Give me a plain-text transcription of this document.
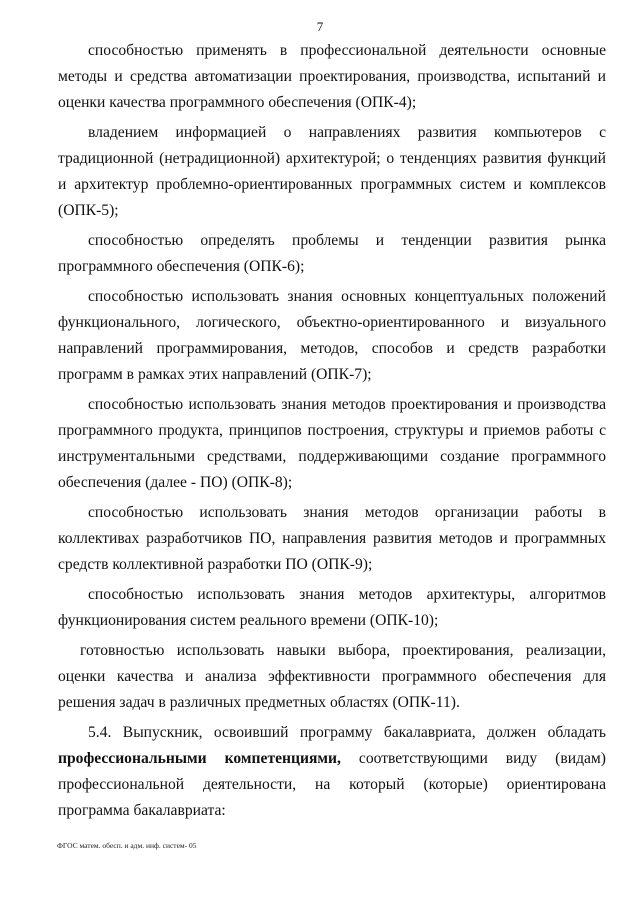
7

способностью применять в профессиональной деятельности основные методы и средства автоматизации проектирования, производства, испытаний и оценки качества программного обеспечения (ОПК-4);

владением информацией о направлениях развития компьютеров с традиционной (нетрадиционной) архитектурой; о тенденциях развития функций и архитектур проблемно-ориентированных программных систем и комплексов (ОПК-5);

способностью определять проблемы и тенденции развития рынка программного обеспечения (ОПК-6);

способностью использовать знания основных концептуальных положений функционального, логического, объектно-ориентированного и визуального направлений программирования, методов, способов и средств разработки программ в рамках этих направлений (ОПК-7);

способностью использовать знания методов проектирования и производства программного продукта, принципов построения, структуры и приемов работы с инструментальными средствами, поддерживающими создание программного обеспечения (далее - ПО) (ОПК-8);

способностью использовать знания методов организации работы в коллективах разработчиков ПО, направления развития методов и программных средств коллективной разработки ПО (ОПК-9);

способностью использовать знания методов архитектуры, алгоритмов функционирования систем реального времени (ОПК-10);

готовностью использовать навыки выбора, проектирования, реализации, оценки качества и анализа эффективности программного обеспечения для решения задач в различных предметных областях (ОПК-11).

5.4. Выпускник, освоивший программу бакалавриата, должен обладать профессиональными компетенциями, соответствующими виду (видам) профессиональной деятельности, на который (которые) ориентирована программа бакалавриата:

ФГОС матем. обесп. и адм. инф. систем- 05
